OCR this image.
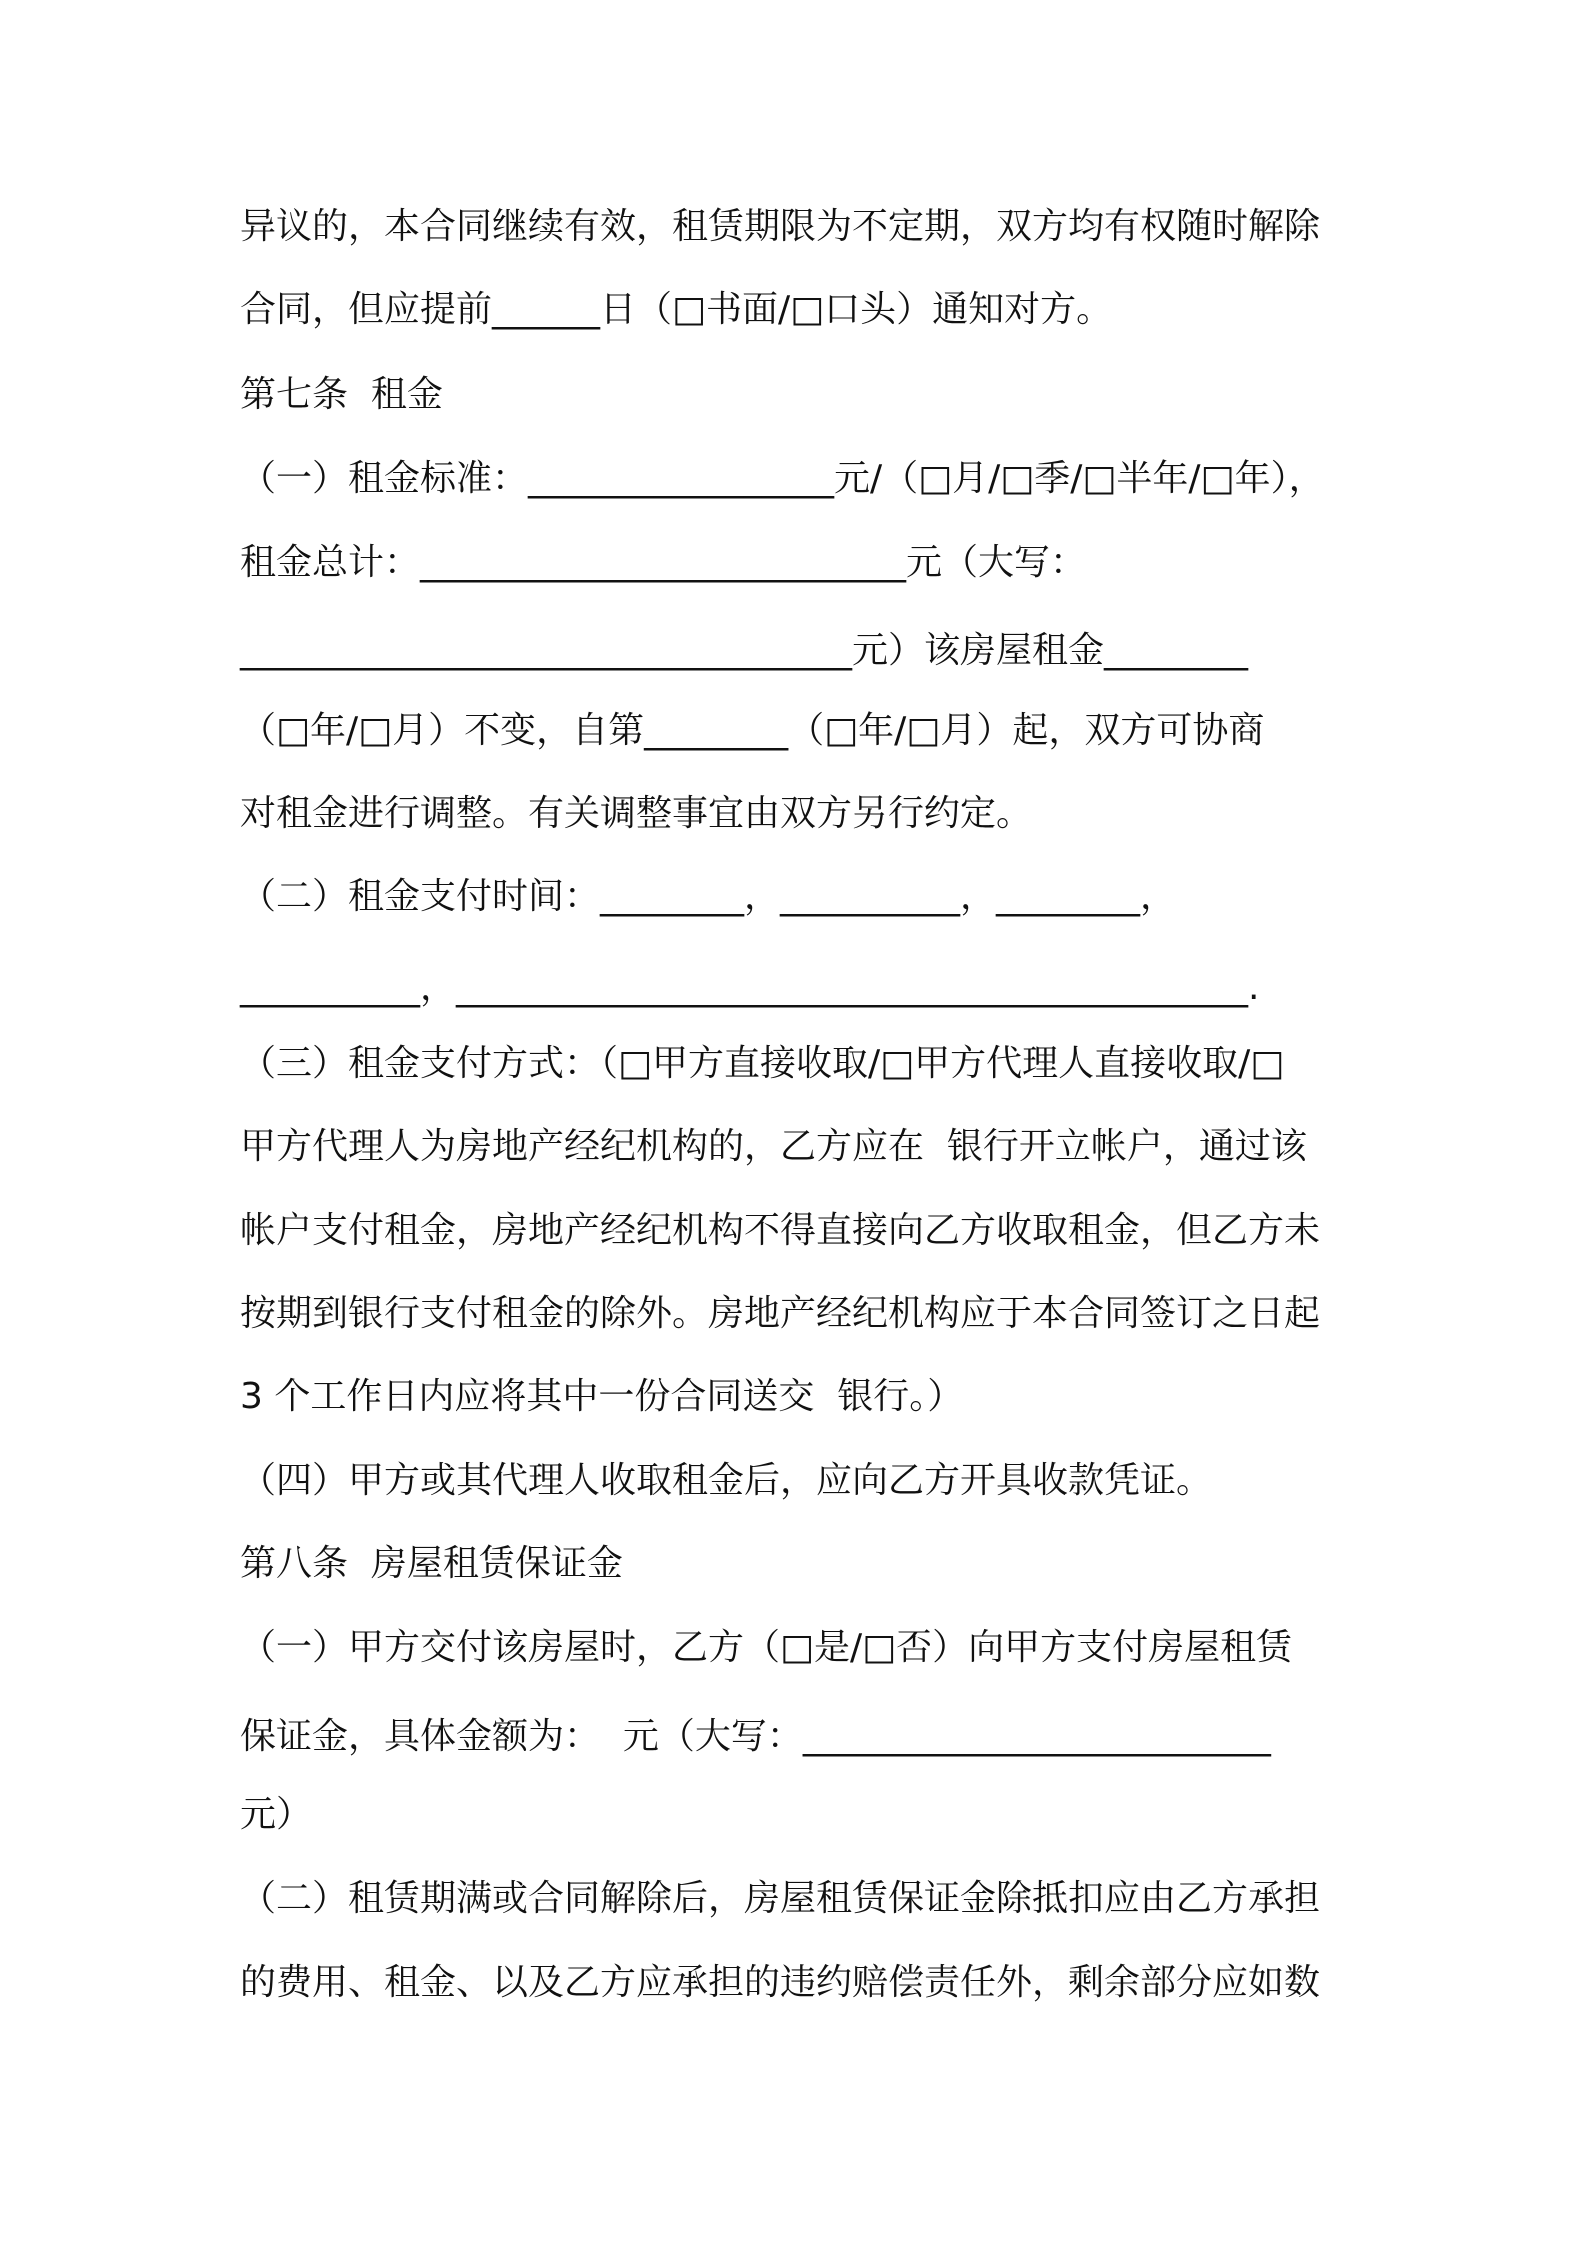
异议的，本合同继续有效，租赁期限为不定期，双方均有权随时解除
合同，但应提前______日（□书面/□口头）通知对方。
第七条  租金
（一）租金标准：_________________元/（□月/□季/□半年/□年），
租金总计：___________________________元（大写：
__________________________________元）该房屋租金________
（□年/□月）不变，自第________（□年/□月）起，双方可协商
对租金进行调整。有关调整事宜由双方另行约定。
（二）租金支付时间：________，__________，________，
__________，____________________________________________.
（三）租金支付方式：（□甲方直接收取/□甲方代理人直接收取/□
甲方代理人为房地产经纪机构的，乙方应在  银行开立帐户，通过该
帐户支付租金，房地产经纪机构不得直接向乙方收取租金，但乙方未
按期到银行支付租金的除外。房地产经纪机构应于本合同签订之日起
3 个工作日内应将其中一份合同送交  银行。）
（四）甲方或其代理人收取租金后，应向乙方开具收款凭证。
第八条  房屋租赁保证金
（一）甲方交付该房屋时，乙方（□是/□否）向甲方支付房屋租赁
保证金，具体金额为：  元（大写：__________________________
元）
（二）租赁期满或合同解除后，房屋租赁保证金除抵扣应由乙方承担
的费用、租金、以及乙方应承担的违约赔偿责任外，剩余部分应如数
